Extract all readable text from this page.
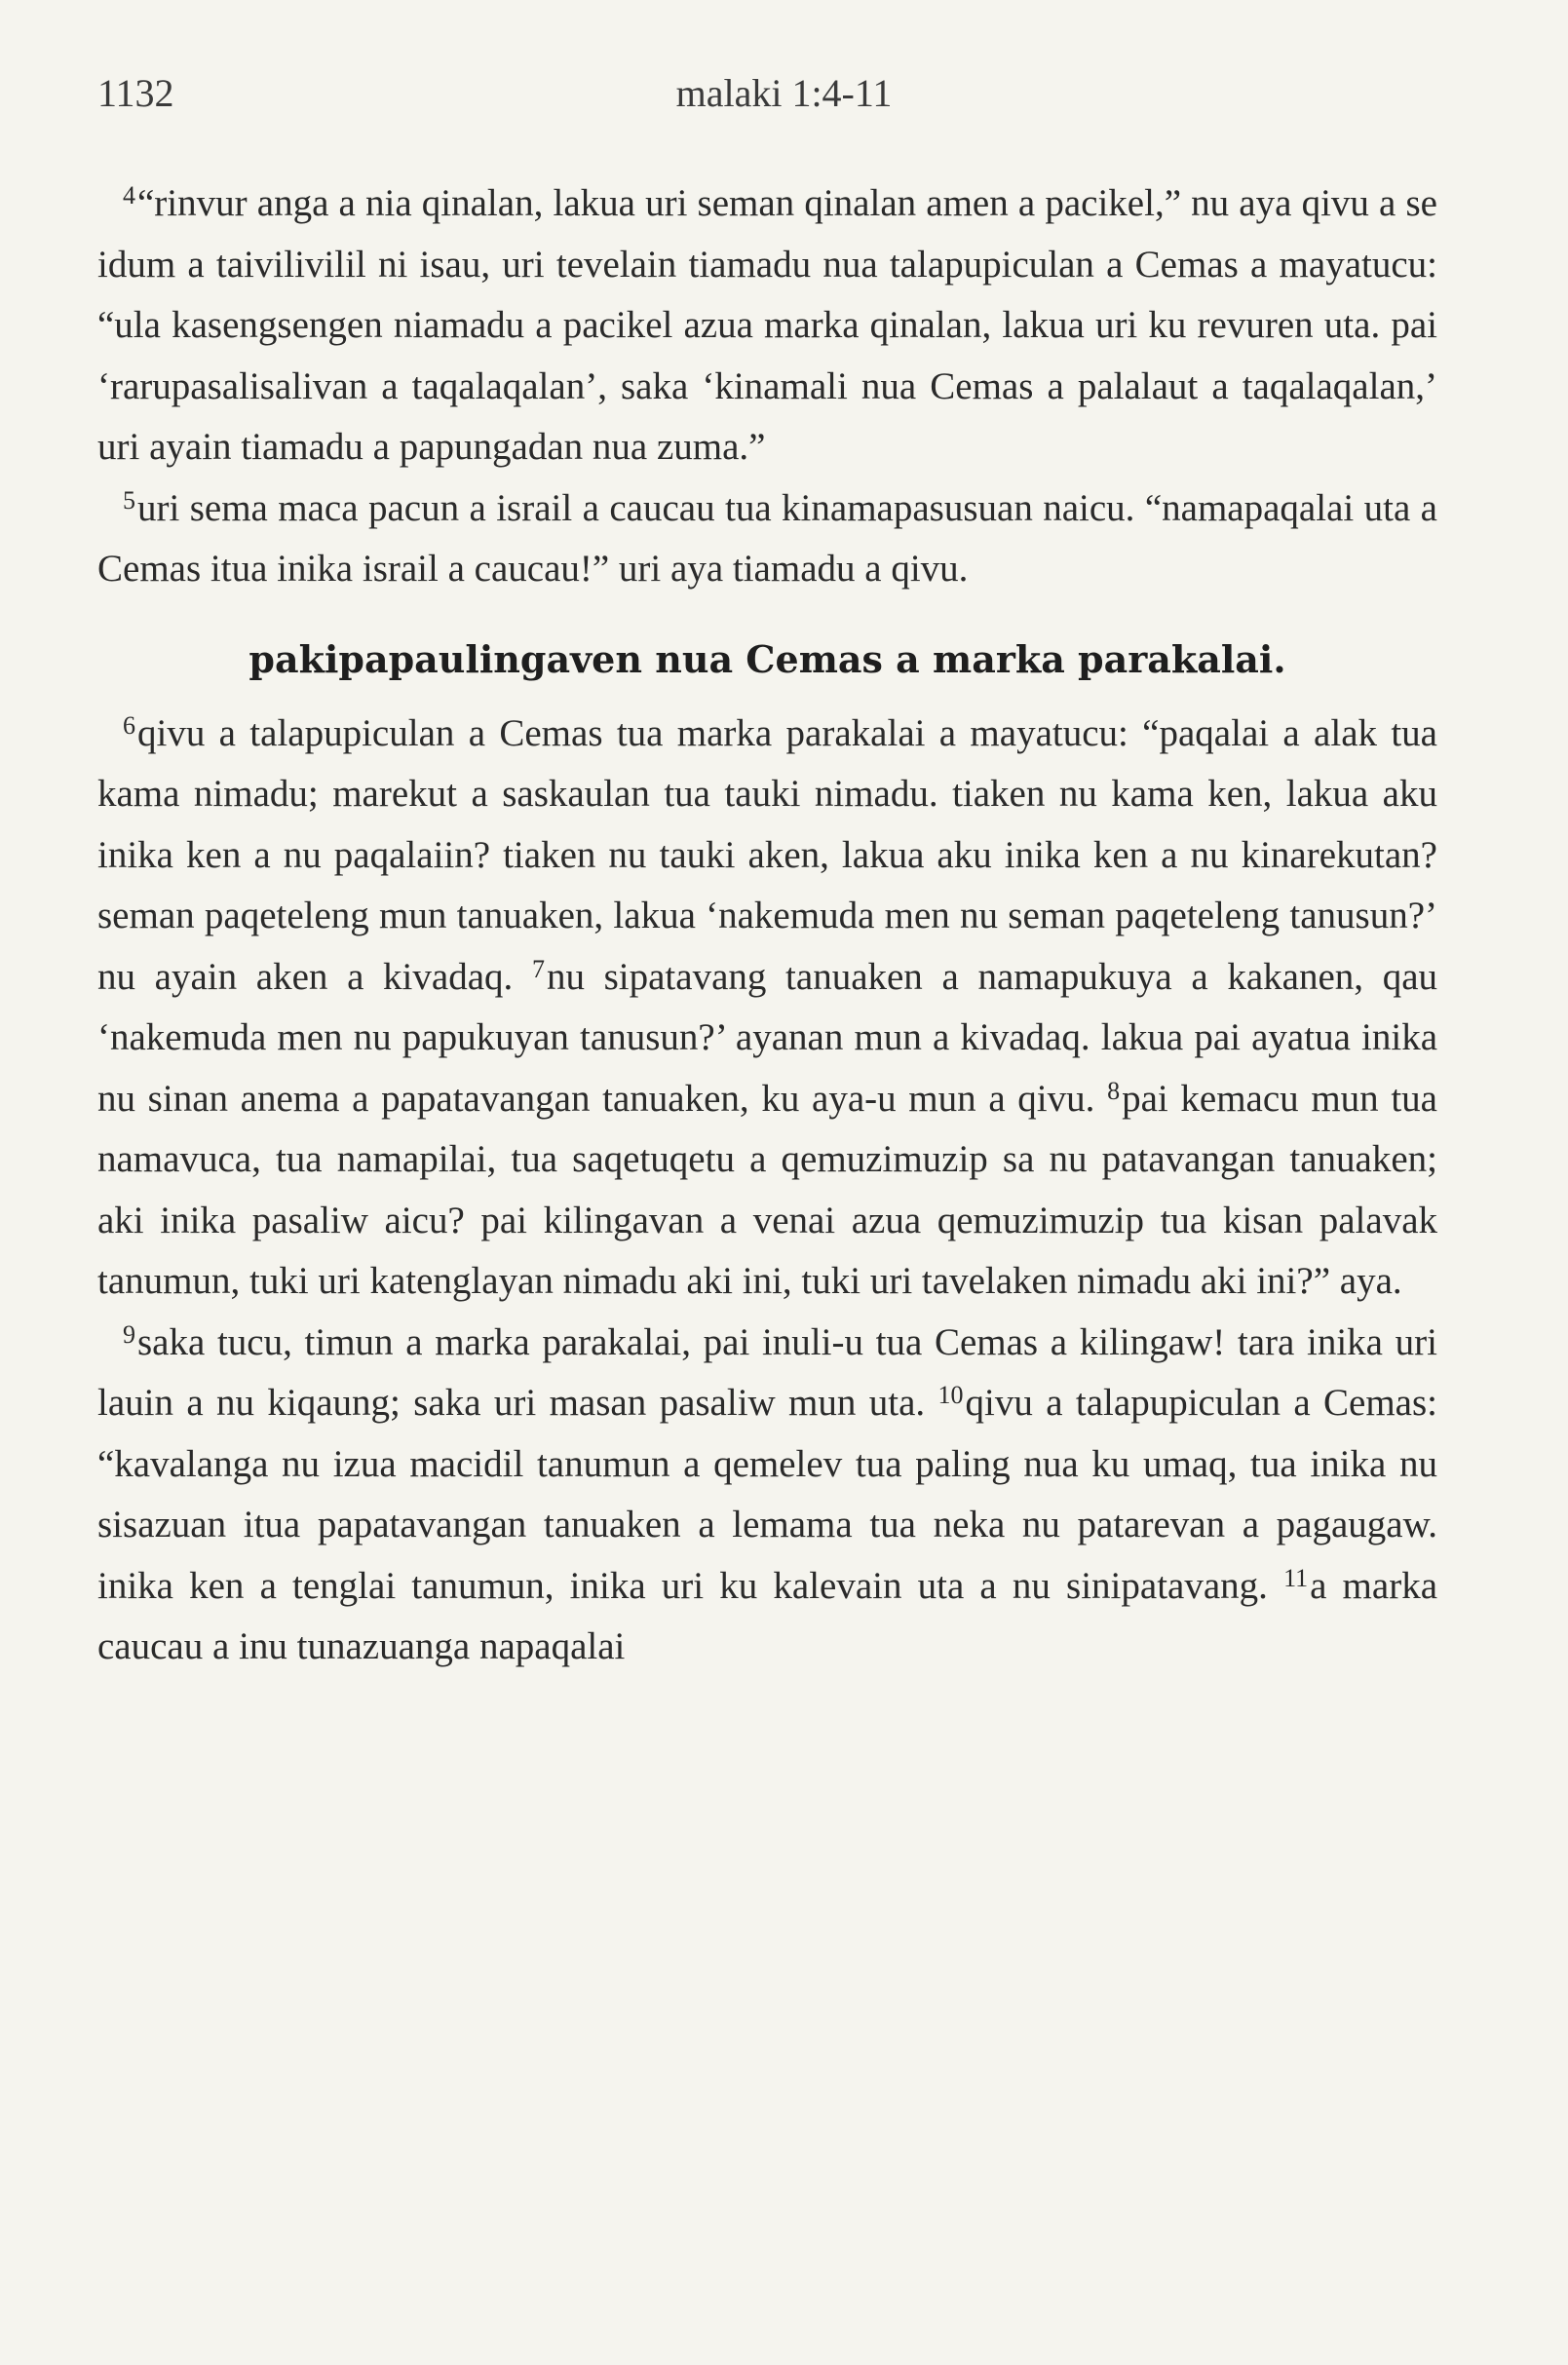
1132	malaki 1:4-11

$^4$“rinvur anga a nia qinalan, lakua uri seman qinalan amen a pacikel,” nu aya qivu a se idum a taivilivilil ni isau, uri tevelain tiamadu nua talapupiculan a Cemas a mayatucu: “ula kasengsengen niamadu a pacikel azua marka qinalan, lakua uri ku revuren uta. pai ‘rarupasalisalivan a taqalaqalan’, saka ‘kinamali nua Cemas a palalaut a taqalaqalan,’ uri ayain tiamadu a papungadan nua zuma.”

$^5$uri sema maca pacun a israil a caucau tua kinamapasusuan naicu. “namapaqalai uta a Cemas itua inika israil a caucau!” uri aya tiamadu a qivu.

pakipapaulingaven nua Cemas a marka parakalai.

$^6$qivu a talapupiculan a Cemas tua marka parakalai a mayatucu: “paqalai a alak tua kama nimadu; marekut a saskaulan tua tauki nimadu. tiaken nu kama ken, lakua aku inika ken a nu paqalaiin? tiaken nu tauki aken, lakua aku inika ken a nu kinarekutan? seman paqeteleng mun tanuaken, lakua ‘nakemuda men nu seman paqeteleng tanusun?’ nu ayain aken a kivadaq. $^7$nu sipatavang tanuaken a namapukuya a kakanen, qau ‘nakemuda men nu papukuyan tanusun?’ ayanan mun a kivadaq. lakua pai ayatua inika nu sinan anema a papatavangan tanuaken, ku aya-u mun a qivu. $^8$pai kemacu mun tua namavuca, tua namapilai, tua saqetuqetu a qemuzimuzip sa nu patavangan tanuaken; aki inika pasaliw aicu? pai kilingavan a venai azua qemuzimuzip tua kisan palavak tanumun, tuki uri katenglayan nimadu aki ini, tuki uri tavelaken nimadu aki ini?” aya.

$^9$saka tucu, timun a marka parakalai, pai inuli-u tua Cemas a kilingaw! tara inika uri lauin a nu kiqaung; saka uri masan pasaliw mun uta. $^{10}$qivu a talapupiculan a Cemas: “kavalanga nu izua macidil tanumun a qemelev tua paling nua ku umaq, tua inika nu sisazuan itua papatavangan tanuaken a lemama tua neka nu patarevan a pagaugaw. inika ken a tenglai tanumun, inika uri ku kalevain uta a nu sinipatavang. $^{11}$a marka caucau a inu tunazuanga napaqalai
